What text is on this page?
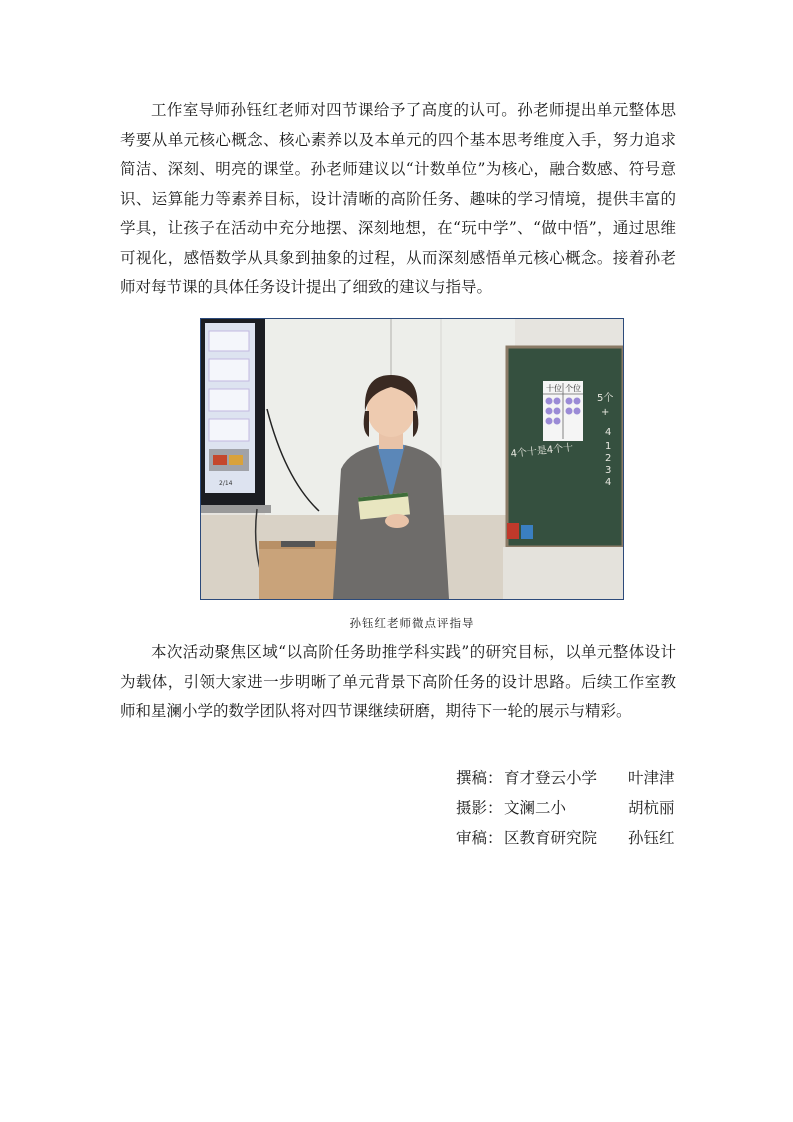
工作室导师孙钰红老师对四节课给予了高度的认可。孙老师提出单元整体思考要从单元核心概念、核心素养以及本单元的四个基本思考维度入手，努力追求简洁、深刻、明亮的课堂。孙老师建议以“计数单位”为核心，融合数感、符号意识、运算能力等素养目标，设计清晰的高阶任务、趣味的学习情境，提供丰富的学具，让孩子在活动中充分地摆、深刻地想，在“玩中学”、“做中悟”，通过思维可视化，感悟数学从具象到抽象的过程，从而深刻感悟单元核心概念。接着孙老师对每节课的具体任务设计提出了细致的建议与指导。

2/14
十位 个位
4个十是4个十
5个
+
4
1
2
3
4
孙钰红老师微点评指导

本次活动聚焦区域“以高阶任务助推学科实践”的研究目标，以单元整体设计为载体，引领大家进一步明晰了单元背景下高阶任务的设计思路。后续工作室教师和星澜小学的数学团队将对四节课继续研磨，期待下一轮的展示与精彩。

撰稿： 育才登云小学 叶津津
摄影： 文澜二小	胡杭丽
审稿： 区教育研究院 孙钰红
